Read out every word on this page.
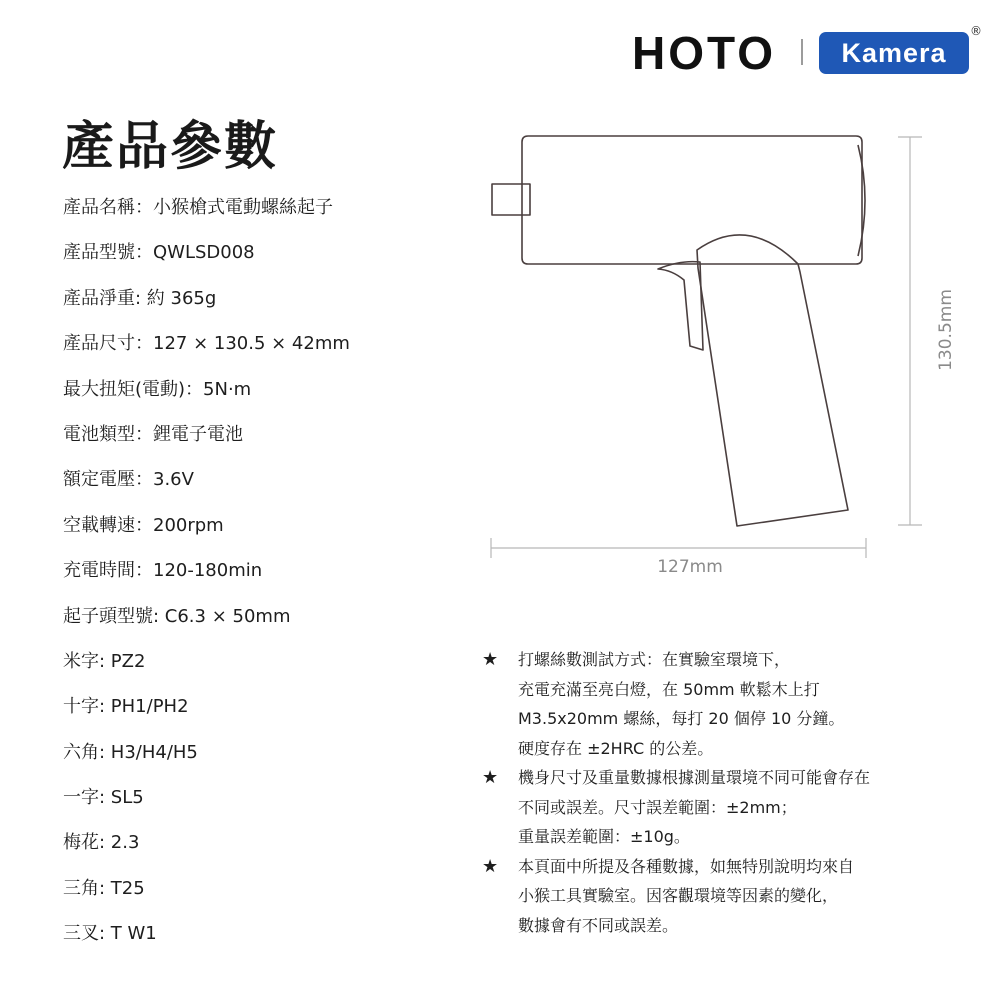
HOTO	Kamera
®
產品參數
產品名稱：小猴槍式電動螺絲起子
產品型號：QWLSD008
產品淨重: 約 365g
產品尺寸：127 × 130.5 × 42mm
最大扭矩(電動)：5N·m
電池類型：鋰電子電池
額定電壓：3.6V
空載轉速：200rpm
充電時間：120-180min
起子頭型號: C6.3 × 50mm
米字: PZ2
十字: PH1/PH2
六角: H3/H4/H5
一字: SL5
梅花: 2.3
三角: T25
三叉: T W1
130.5mm
127mm
★	打螺絲數測試方式：在實驗室環境下，
充電充滿至亮白燈，在 50mm 軟鬆木上打
M3.5x20mm 螺絲，每打 20 個停 10 分鐘。
硬度存在 ±2HRC 的公差。
★	機身尺寸及重量數據根據測量環境不同可能會存在
不同或誤差。尺寸誤差範圍：±2mm；
重量誤差範圍：±10g。
★	本頁面中所提及各種數據，如無特別說明均來自
小猴工具實驗室。因客觀環境等因素的變化，
數據會有不同或誤差。
